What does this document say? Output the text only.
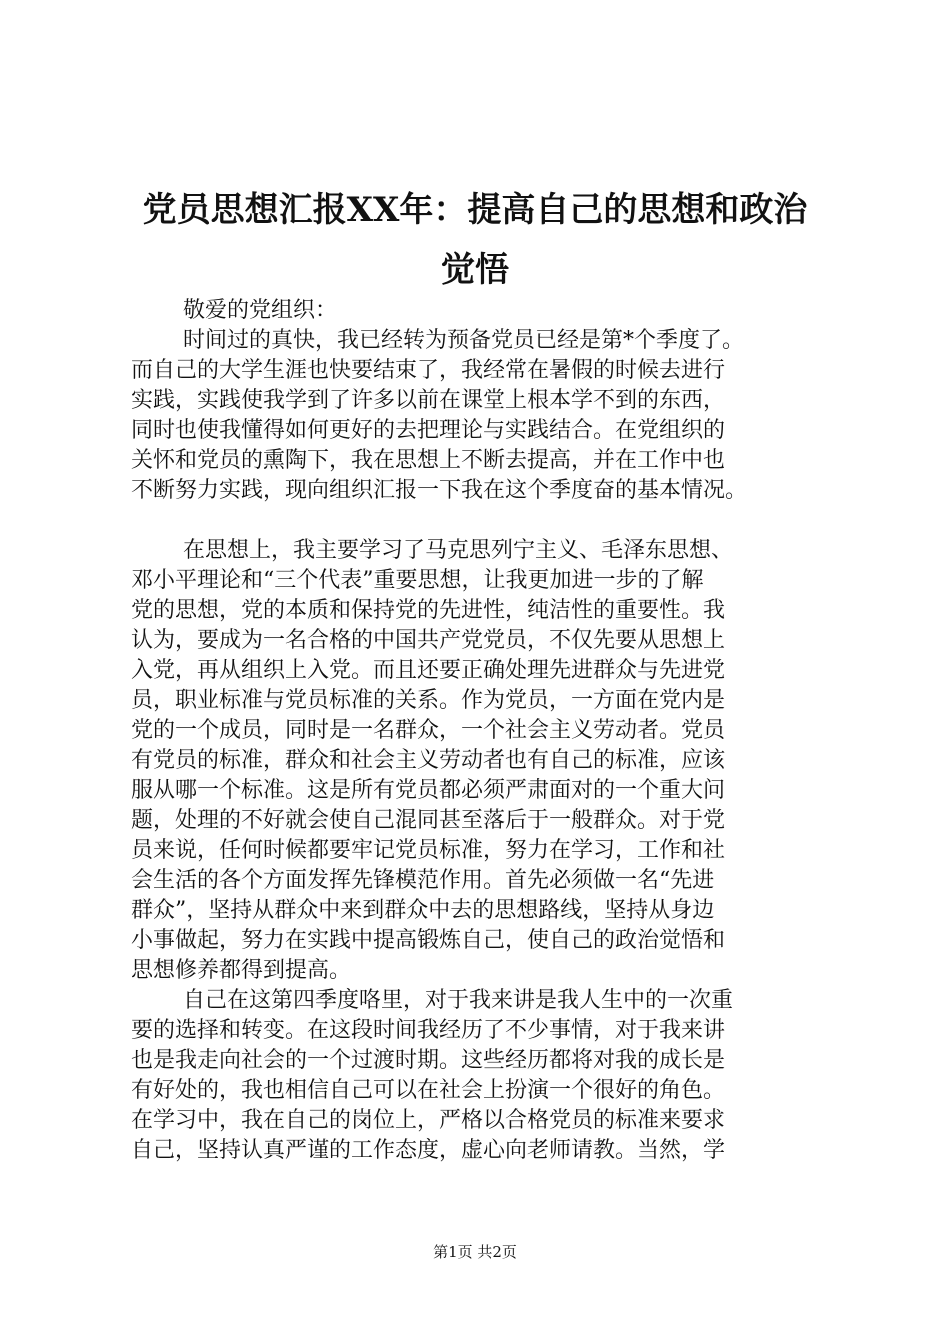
党员思想汇报XX年：提高自己的思想和政治
觉悟
敬爱的党组织：
时间过的真快，我已经转为预备党员已经是第*个季度了。
而自己的大学生涯也快要结束了，我经常在暑假的时候去进行
实践，实践使我学到了许多以前在课堂上根本学不到的东西，
同时也使我懂得如何更好的去把理论与实践结合。在党组织的
关怀和党员的熏陶下，我在思想上不断去提高，并在工作中也
不断努力实践，现向组织汇报一下我在这个季度奋的基本情况。
在思想上，我主要学习了马克思列宁主义、毛泽东思想、
邓小平理论和“三个代表”重要思想，让我更加进一步的了解
党的思想，党的本质和保持党的先进性，纯洁性的重要性。我
认为，要成为一名合格的中国共产党党员，不仅先要从思想上
入党，再从组织上入党。而且还要正确处理先进群众与先进党
员，职业标准与党员标准的关系。作为党员，一方面在党内是
党的一个成员，同时是一名群众，一个社会主义劳动者。党员
有党员的标准，群众和社会主义劳动者也有自己的标准，应该
服从哪一个标准。这是所有党员都必须严肃面对的一个重大问
题，处理的不好就会使自己混同甚至落后于一般群众。对于党
员来说，任何时候都要牢记党员标准，努力在学习，工作和社
会生活的各个方面发挥先锋模范作用。首先必须做一名“先进
群众”，坚持从群众中来到群众中去的思想路线，坚持从身边
小事做起，努力在实践中提高锻炼自己，使自己的政治觉悟和
思想修养都得到提高。
自己在这第四季度咯里，对于我来讲是我人生中的一次重
要的选择和转变。在这段时间我经历了不少事情，对于我来讲
也是我走向社会的一个过渡时期。这些经历都将对我的成长是
有好处的，我也相信自己可以在社会上扮演一个很好的角色。
在学习中，我在自己的岗位上，严格以合格党员的标准来要求
自己，坚持认真严谨的工作态度，虚心向老师请教。当然，学
第1页 共2页
